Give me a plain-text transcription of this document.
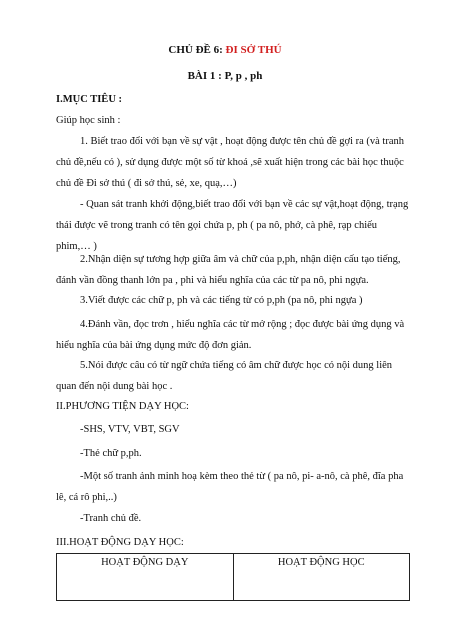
CHỦ ĐỀ 6: ĐI SỞ THÚ
BÀI 1 : P, p , ph

I.MỤC TIÊU :

Giúp học sinh :

1. Biết trao đổi với bạn về sự vật , hoạt động được tên chủ đề gợi ra (và tranh chủ đề,nếu có ), sử dụng được một số từ khoá ,sẽ xuất hiện trong các bài học thuộc chủ đề Đi sở thú ( đi sở thú, sẻ, xe, quạ,…)

- Quan sát tranh khởi động,biết trao đổi với bạn về các sự vật,hoạt động, trạng thái được vẽ trong tranh có tên gọi chứa p, ph ( pa nô, phở, cà phê, rạp chiếu phim,… )

2.Nhận diện sự tương hợp giữa âm và chữ của p,ph, nhận diện cấu tạo tiếng, đánh vần đồng thanh lớn pa , phi và hiểu nghĩa của các từ pa nô, phi ngựa.

3.Viết được các chữ p, ph và các tiếng từ có p,ph (pa nô, phi ngựa )

4.Đánh vần, đọc trơn , hiểu nghĩa các từ mở rộng ; đọc được bài ứng dụng và hiểu nghĩa của bài ứng dụng mức độ đơn giản.

5.Nói được câu có từ ngữ chứa tiếng có âm chữ được học có nội dung liên quan đến nội dung bài học .

II.PHƯƠNG TIỆN DẠY HỌC:

-SHS, VTV, VBT, SGV

-Thẻ chữ p,ph.

-Một số tranh ảnh minh hoạ kèm theo thẻ từ ( pa nô, pi- a-nô, cà phê, đĩa pha lê, cá rô phi,..)

-Tranh chủ đề.

III.HOẠT ĐỘNG DẠY HỌC:

HOẠT ĐỘNG DẠY	HOẠT ĐỘNG HỌC
